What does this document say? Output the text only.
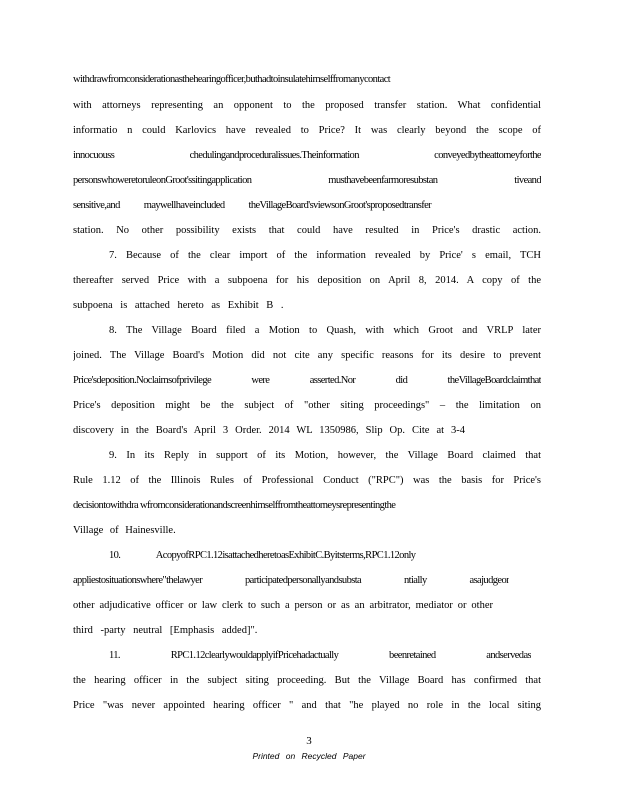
withdrawfromconsiderationasthehearingofficer,buthadtoinsulatehimselffromanycontact
with attorneys representing an opponent to the proposed transfer station. What confidential
informatio n could Karlovics have revealed to Price? It was clearly beyond the scope of
innocuouss chedulingandproceduralissues.Theinformation conveyedbytheattorneyforthe
personswhoweretoruleonGroot'ssitingapplication musthavebeenfarmoresubstan tiveand
sensitive,and maywellhaveincluded theVillageBoard'sviewsonGroot'sproposedtransfer
station. No other possibility exists that could have resulted in Price's drastic action.
7. Because of the clear import of the information revealed by Price' s email, TCH
thereafter served Price with a subpoena for his deposition on April 8, 2014. A copy of the
subpoena is attached hereto as Exhibit B .
8. The Village Board filed a Motion to Quash, with which Groot and VRLP later
joined. The Village Board's Motion did not cite any specific reasons for its desire to prevent
Price'sdeposition.Noclaimsofprivilege were asserted.Nor did theVillageBoardclaimthat
Price's deposition might be the subject of "other siting proceedings" – the limitation on
discovery in the Board's April 3 Order. 2014 WL 1350986, Slip Op. Cite at 3-4
9. In its Reply in support of its Motion, however, the Village Board claimed that
Rule 1.12 of the Illinois Rules of Professional Conduct ("RPC") was the basis for Price's
decisiontowithdra wfromconsiderationandscreenhimselffromtheattorneysrepresentingthe
Village of Hainesville.
10. AcopyofRPC1.12isattachedheretoasExhibitC.Byitsterms,RPC1.12only
appliestosituationswhere"thelawyer participatedpersonallyandsubsta ntially asajudgeor
other adjudicative officer or law clerk to such a person or as an arbitrator, mediator or other
third -party neutral [Emphasis added]".
11. RPC1.12clearlywouldapplyifPricehadactually beenretained andservedas
the hearing officer in the subject siting proceeding. But the Village Board has confirmed that
Price "was never appointed hearing officer " and that "he played no role in the local siting
3
Printed on Recycled Paper
